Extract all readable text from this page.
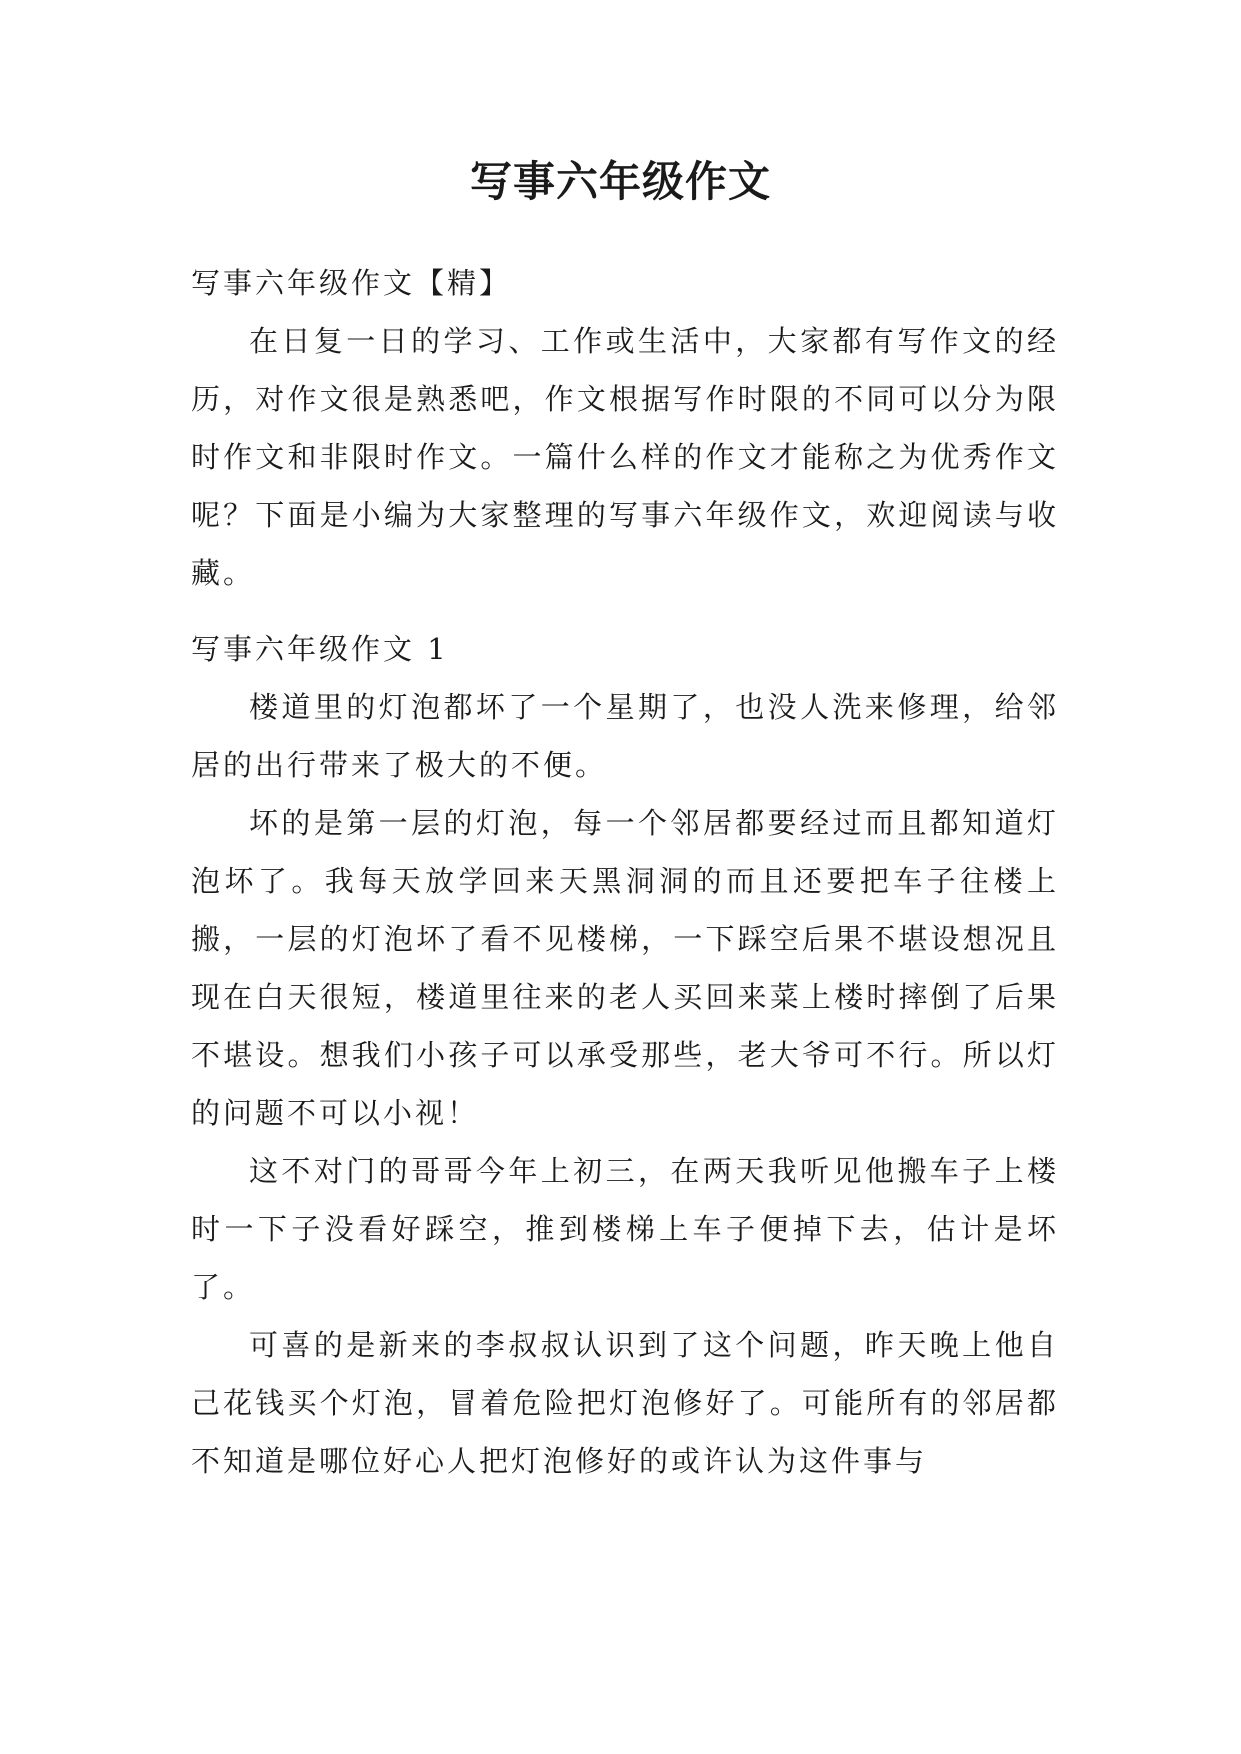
写事六年级作文
写事六年级作文【精】

在日复一日的学习、工作或生活中，大家都有写作文的经历，对作文很是熟悉吧，作文根据写作时限的不同可以分为限时作文和非限时作文。一篇什么样的作文才能称之为优秀作文呢？下面是小编为大家整理的写事六年级作文，欢迎阅读与收藏。

写事六年级作文 1

楼道里的灯泡都坏了一个星期了，也没人洗来修理，给邻居的出行带来了极大的不便。

坏的是第一层的灯泡，每一个邻居都要经过而且都知道灯泡坏了。我每天放学回来天黑洞洞的而且还要把车子往楼上搬，一层的灯泡坏了看不见楼梯，一下踩空后果不堪设想况且现在白天很短，楼道里往来的老人买回来菜上楼时摔倒了后果不堪设。想我们小孩子可以承受那些，老大爷可不行。所以灯的问题不可以小视！

这不对门的哥哥今年上初三，在两天我听见他搬车子上楼时一下子没看好踩空，推到楼梯上车子便掉下去，估计是坏了。

可喜的是新来的李叔叔认识到了这个问题，昨天晚上他自己花钱买个灯泡，冒着危险把灯泡修好了。可能所有的邻居都不知道是哪位好心人把灯泡修好的或许认为这件事与
